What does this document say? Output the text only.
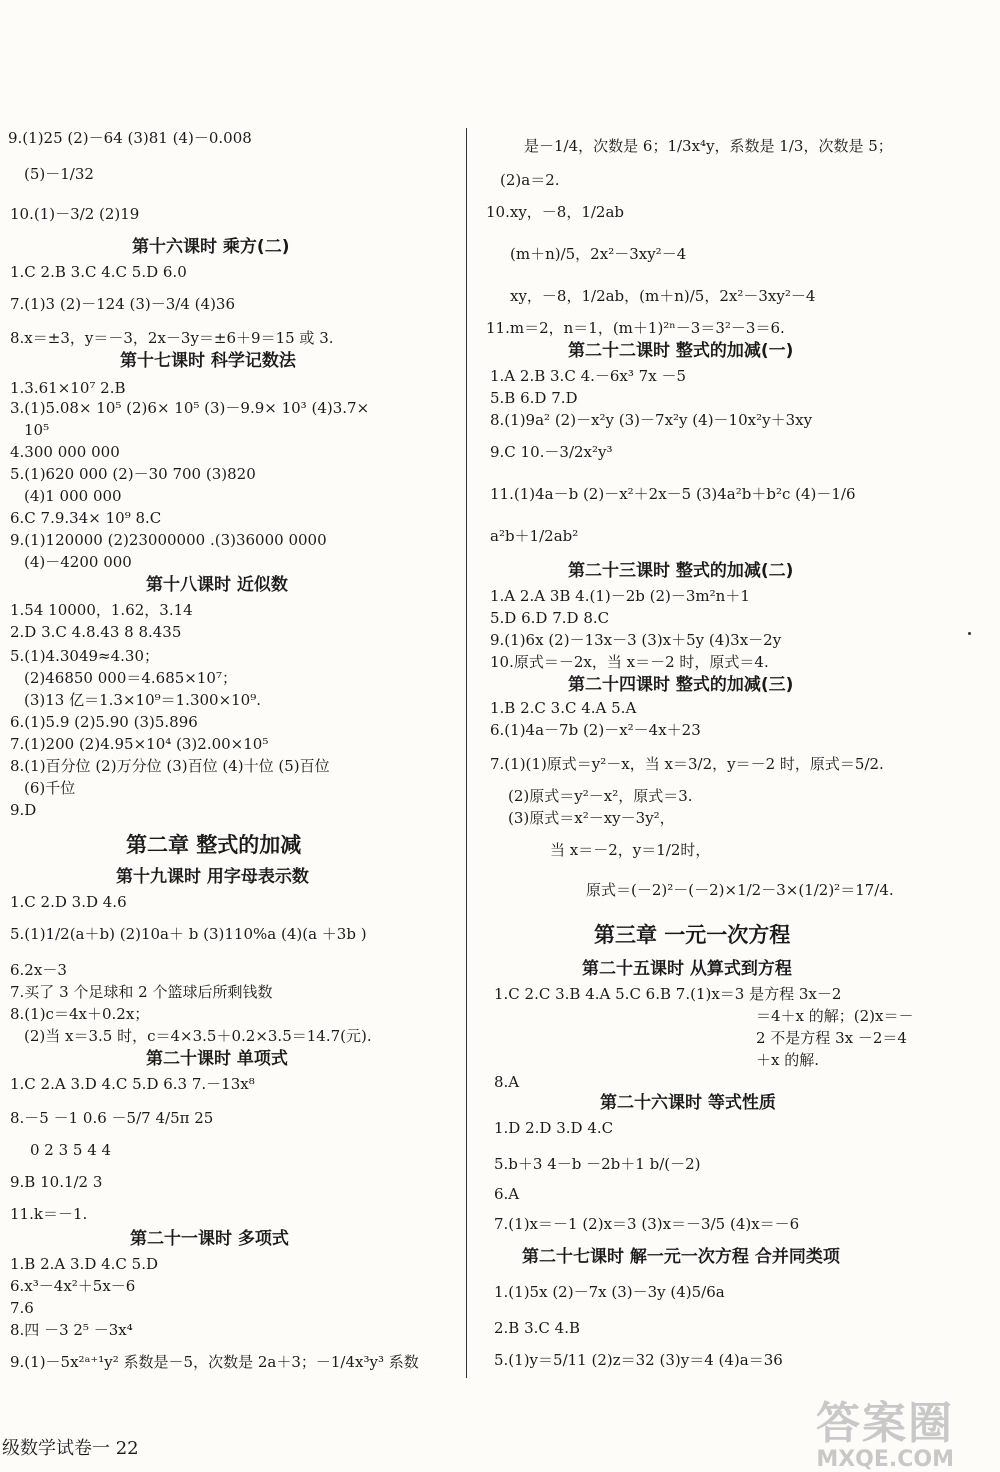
9.(1)25 (2)－64 (3)81 (4)－0.008
(5)－1/32
10.(1)－3/2 (2)19
第十六课时 乘方(二)
1.C 2.B 3.C 4.C 5.D 6.0
7.(1)3 (2)－124 (3)－3/4 (4)36
8.x＝±3，y＝－3，2x－3y＝±6＋9＝15 或 3.
第十七课时 科学记数法
1.3.61×10⁷ 2.B
3.(1)5.08× 10⁵ (2)6× 10⁵ (3)－9.9× 10³ (4)3.7×
10⁵
4.300 000 000
5.(1)620 000 (2)－30 700 (3)820
(4)1 000 000
6.C 7.9.34× 10⁹ 8.C
9.(1)120000 (2)23000000 .(3)36000 0000
(4)－4200 000
第十八课时 近似数
1.54 10000，1.62，3.14
2.D 3.C 4.8.43 8 8.435
5.(1)4.3049≈4.30；
(2)46850 000＝4.685×10⁷；
(3)13 亿＝1.3×10⁹＝1.300×10⁹.
6.(1)5.9 (2)5.90 (3)5.896
7.(1)200 (2)4.95×10⁴ (3)2.00×10⁵
8.(1)百分位 (2)万分位 (3)百位 (4)十位 (5)百位
(6)千位
9.D
第二章 整式的加减
第十九课时 用字母表示数
1.C 2.D 3.D 4.6
5.(1)1/2(a＋b) (2)10a＋ b (3)110%a (4)(a ＋3b )
6.2x－3
7.买了 3 个足球和 2 个篮球后所剩钱数
8.(1)c＝4x＋0.2x；
(2)当 x＝3.5 时，c＝4×3.5＋0.2×3.5＝14.7(元).
第二十课时 单项式
1.C 2.A 3.D 4.C 5.D 6.3 7.－13x⁸
8.－5 －1 0.6 －5/7 4/5π 25
0 2 3 5 4 4
9.B 10.1/2 3
11.k＝－1.
第二十一课时 多项式
1.B 2.A 3.D 4.C 5.D
6.x³－4x²＋5x－6
7.6
8.四 －3 2⁵ －3x⁴
9.(1)－5x²ᵃ⁺¹y² 系数是－5，次数是 2a＋3；－1/4x³y³ 系数
是－1/4，次数是 6；1/3x⁴y，系数是 1/3，次数是 5；
(2)a＝2.
10.xy，－8，1/2ab
(m＋n)/5，2x²－3xy²－4
xy，－8，1/2ab，(m＋n)/5，2x²－3xy²－4
11.m＝2，n＝1，(m＋1)²ⁿ－3＝3²－3＝6.
第二十二课时 整式的加减(一)
1.A 2.B 3.C 4.－6x³ 7x －5
5.B 6.D 7.D
8.(1)9a² (2)－x²y (3)－7x²y (4)－10x²y＋3xy
9.C 10.－3/2x²y³
11.(1)4a－b (2)－x²＋2x－5 (3)4a²b＋b²c (4)－1/6
a²b＋1/2ab²
第二十三课时 整式的加减(二)
1.A 2.A 3B 4.(1)－2b (2)－3m²n＋1
5.D 6.D 7.D 8.C
9.(1)6x (2)－13x－3 (3)x＋5y (4)3x－2y
10.原式＝－2x，当 x＝－2 时，原式＝4.
第二十四课时 整式的加减(三)
1.B 2.C 3.C 4.A 5.A
6.(1)4a－7b (2)－x²－4x＋23
7.(1)(1)原式＝y²－x，当 x＝3/2，y＝－2 时，原式＝5/2.
(2)原式＝y²－x²，原式＝3.
(3)原式＝x²－xy－3y²，
当 x＝－2，y＝1/2时，
原式＝(－2)²－(－2)×1/2－3×(1/2)²＝17/4.
第三章 一元一次方程
第二十五课时 从算式到方程
1.C 2.C 3.B 4.A 5.C 6.B 7.(1)x＝3 是方程 3x－2
＝4＋x 的解；(2)x＝－
2 不是方程 3x －2＝4
＋x 的解.
8.A
第二十六课时 等式性质
1.D 2.D 3.D 4.C
5.b＋3 4－b －2b＋1 b/(－2)
6.A
7.(1)x＝－1 (2)x＝3 (3)x＝－3/5 (4)x＝－6
第二十七课时 解一元一次方程 合并同类项
1.(1)5x (2)－7x (3)－3y (4)5/6a
2.B 3.C 4.B
5.(1)y＝5/11 (2)z＝32 (3)y＝4 (4)a＝36
级数学试卷一 22	答案圈
MXQE.COM
